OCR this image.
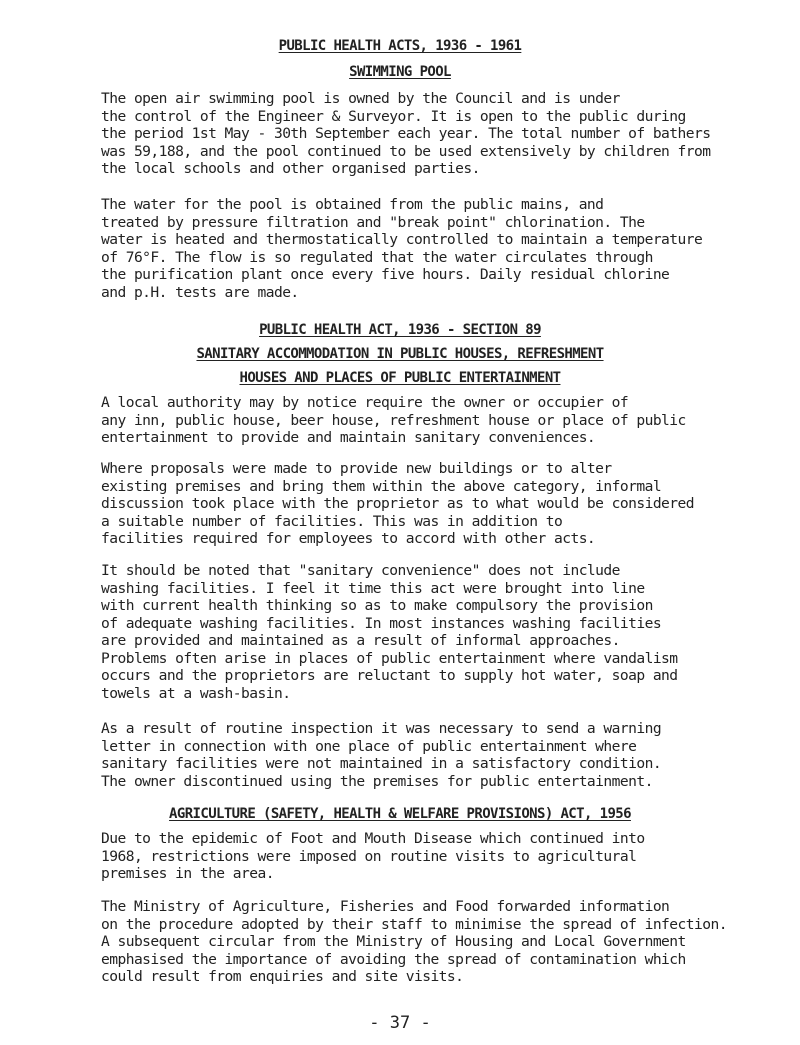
PUBLIC HEALTH ACTS, 1936 - 1961
SWIMMING POOL
The open air swimming pool is owned by the Council and is under
the control of the Engineer & Surveyor. It is open to the public during
the period 1st May - 30th September each year. The total number of bathers
was 59,188, and the pool continued to be used extensively by children from
the local schools and other organised parties.
The water for the pool is obtained from the public mains, and
treated by pressure filtration and "break point" chlorination. The
water is heated and thermostatically controlled to maintain a temperature
of 76°F. The flow is so regulated that the water circulates through
the purification plant once every five hours. Daily residual chlorine
and p.H. tests are made.
PUBLIC HEALTH ACT, 1936 - SECTION 89
SANITARY ACCOMMODATION IN PUBLIC HOUSES, REFRESHMENT
HOUSES AND PLACES OF PUBLIC ENTERTAINMENT
A local authority may by notice require the owner or occupier of
any inn, public house, beer house, refreshment house or place of public
entertainment to provide and maintain sanitary conveniences.
Where proposals were made to provide new buildings or to alter
existing premises and bring them within the above category, informal
discussion took place with the proprietor as to what would be considered
a suitable number of facilities. This was in addition to
facilities required for employees to accord with other acts.
It should be noted that "sanitary convenience" does not include
washing facilities. I feel it time this act were brought into line
with current health thinking so as to make compulsory the provision
of adequate washing facilities. In most instances washing facilities
are provided and maintained as a result of informal approaches.
Problems often arise in places of public entertainment where vandalism
occurs and the proprietors are reluctant to supply hot water, soap and
towels at a wash-basin.
As a result of routine inspection it was necessary to send a warning
letter in connection with one place of public entertainment where
sanitary facilities were not maintained in a satisfactory condition.
The owner discontinued using the premises for public entertainment.
AGRICULTURE (SAFETY, HEALTH & WELFARE PROVISIONS) ACT, 1956
Due to the epidemic of Foot and Mouth Disease which continued into
1968, restrictions were imposed on routine visits to agricultural
premises in the area.
- 37 -
The Ministry of Agriculture, Fisheries and Food forwarded information
on the procedure adopted by their staff to minimise the spread of infection.
A subsequent circular from the Ministry of Housing and Local Government
emphasised the importance of avoiding the spread of contamination which
could result from enquiries and site visits.
